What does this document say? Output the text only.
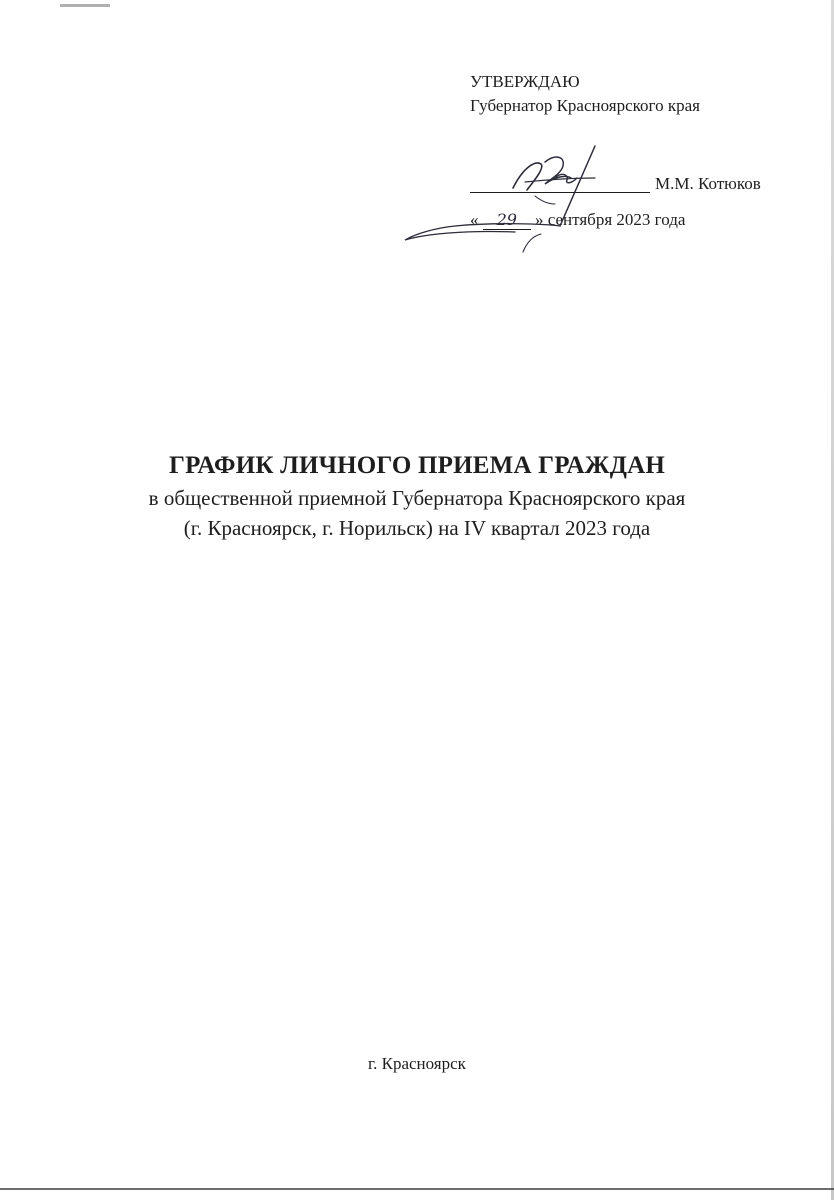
УТВЕРЖДАЮ
Губернатор Красноярского края
М.М. Котюков
« 29 » сентября 2023 года
ГРАФИК ЛИЧНОГО ПРИЕМА ГРАЖДАН
в общественной приемной Губернатора Красноярского края
(г. Красноярск, г. Норильск) на IV квартал 2023 года
г. Красноярск
